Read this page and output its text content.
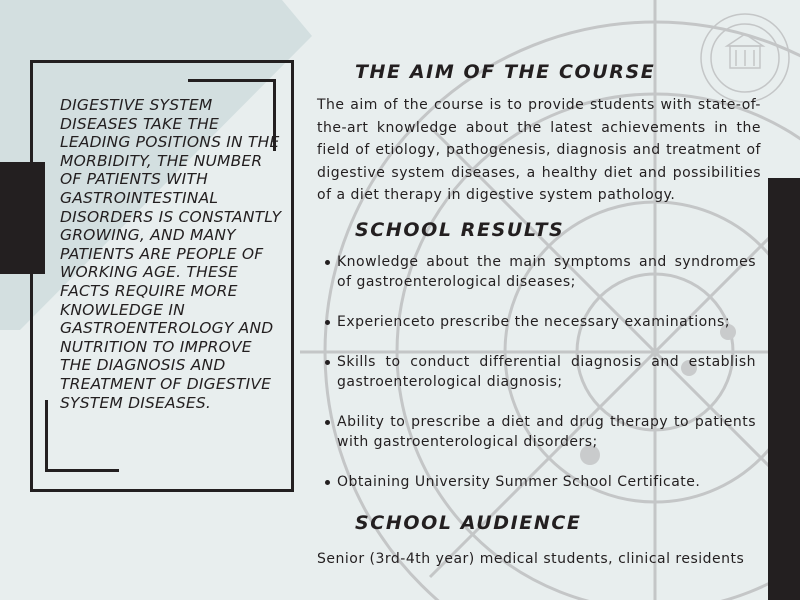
DIGESTIVE SYSTEM DISEASES TAKE THE LEADING POSITIONS IN THE MORBIDITY, THE NUMBER OF PATIENTS WITH GASTROINTESTINAL DISORDERS IS CONSTANTLY GROWING, AND MANY PATIENTS ARE PEOPLE OF WORKING AGE. THESE FACTS REQUIRE MORE KNOWLEDGE IN GASTROENTEROLOGY AND NUTRITION TO IMPROVE THE DIAGNOSIS AND TREATMENT OF DIGESTIVE SYSTEM DISEASES.

THE AIM OF THE COURSE

The aim of the course is to provide students with state-of-the-art knowledge about the latest achievements in the field of etiology, pathogenesis, diagnosis and treatment of digestive system diseases, a healthy diet and possibilities of a diet therapy in digestive system pathology.

SCHOOL RESULTS
Knowledge about the main symptoms and syndromes of gastroenterological diseases;
Experienceto prescribe the necessary examinations;
Skills to conduct differential diagnosis and establish gastroenterological diagnosis;
Ability to prescribe a diet and drug therapy to patients with gastroenterological disorders;
Obtaining University Summer School Certificate.
SCHOOL AUDIENCE

Senior (3rd-4th year) medical students, clinical residents
